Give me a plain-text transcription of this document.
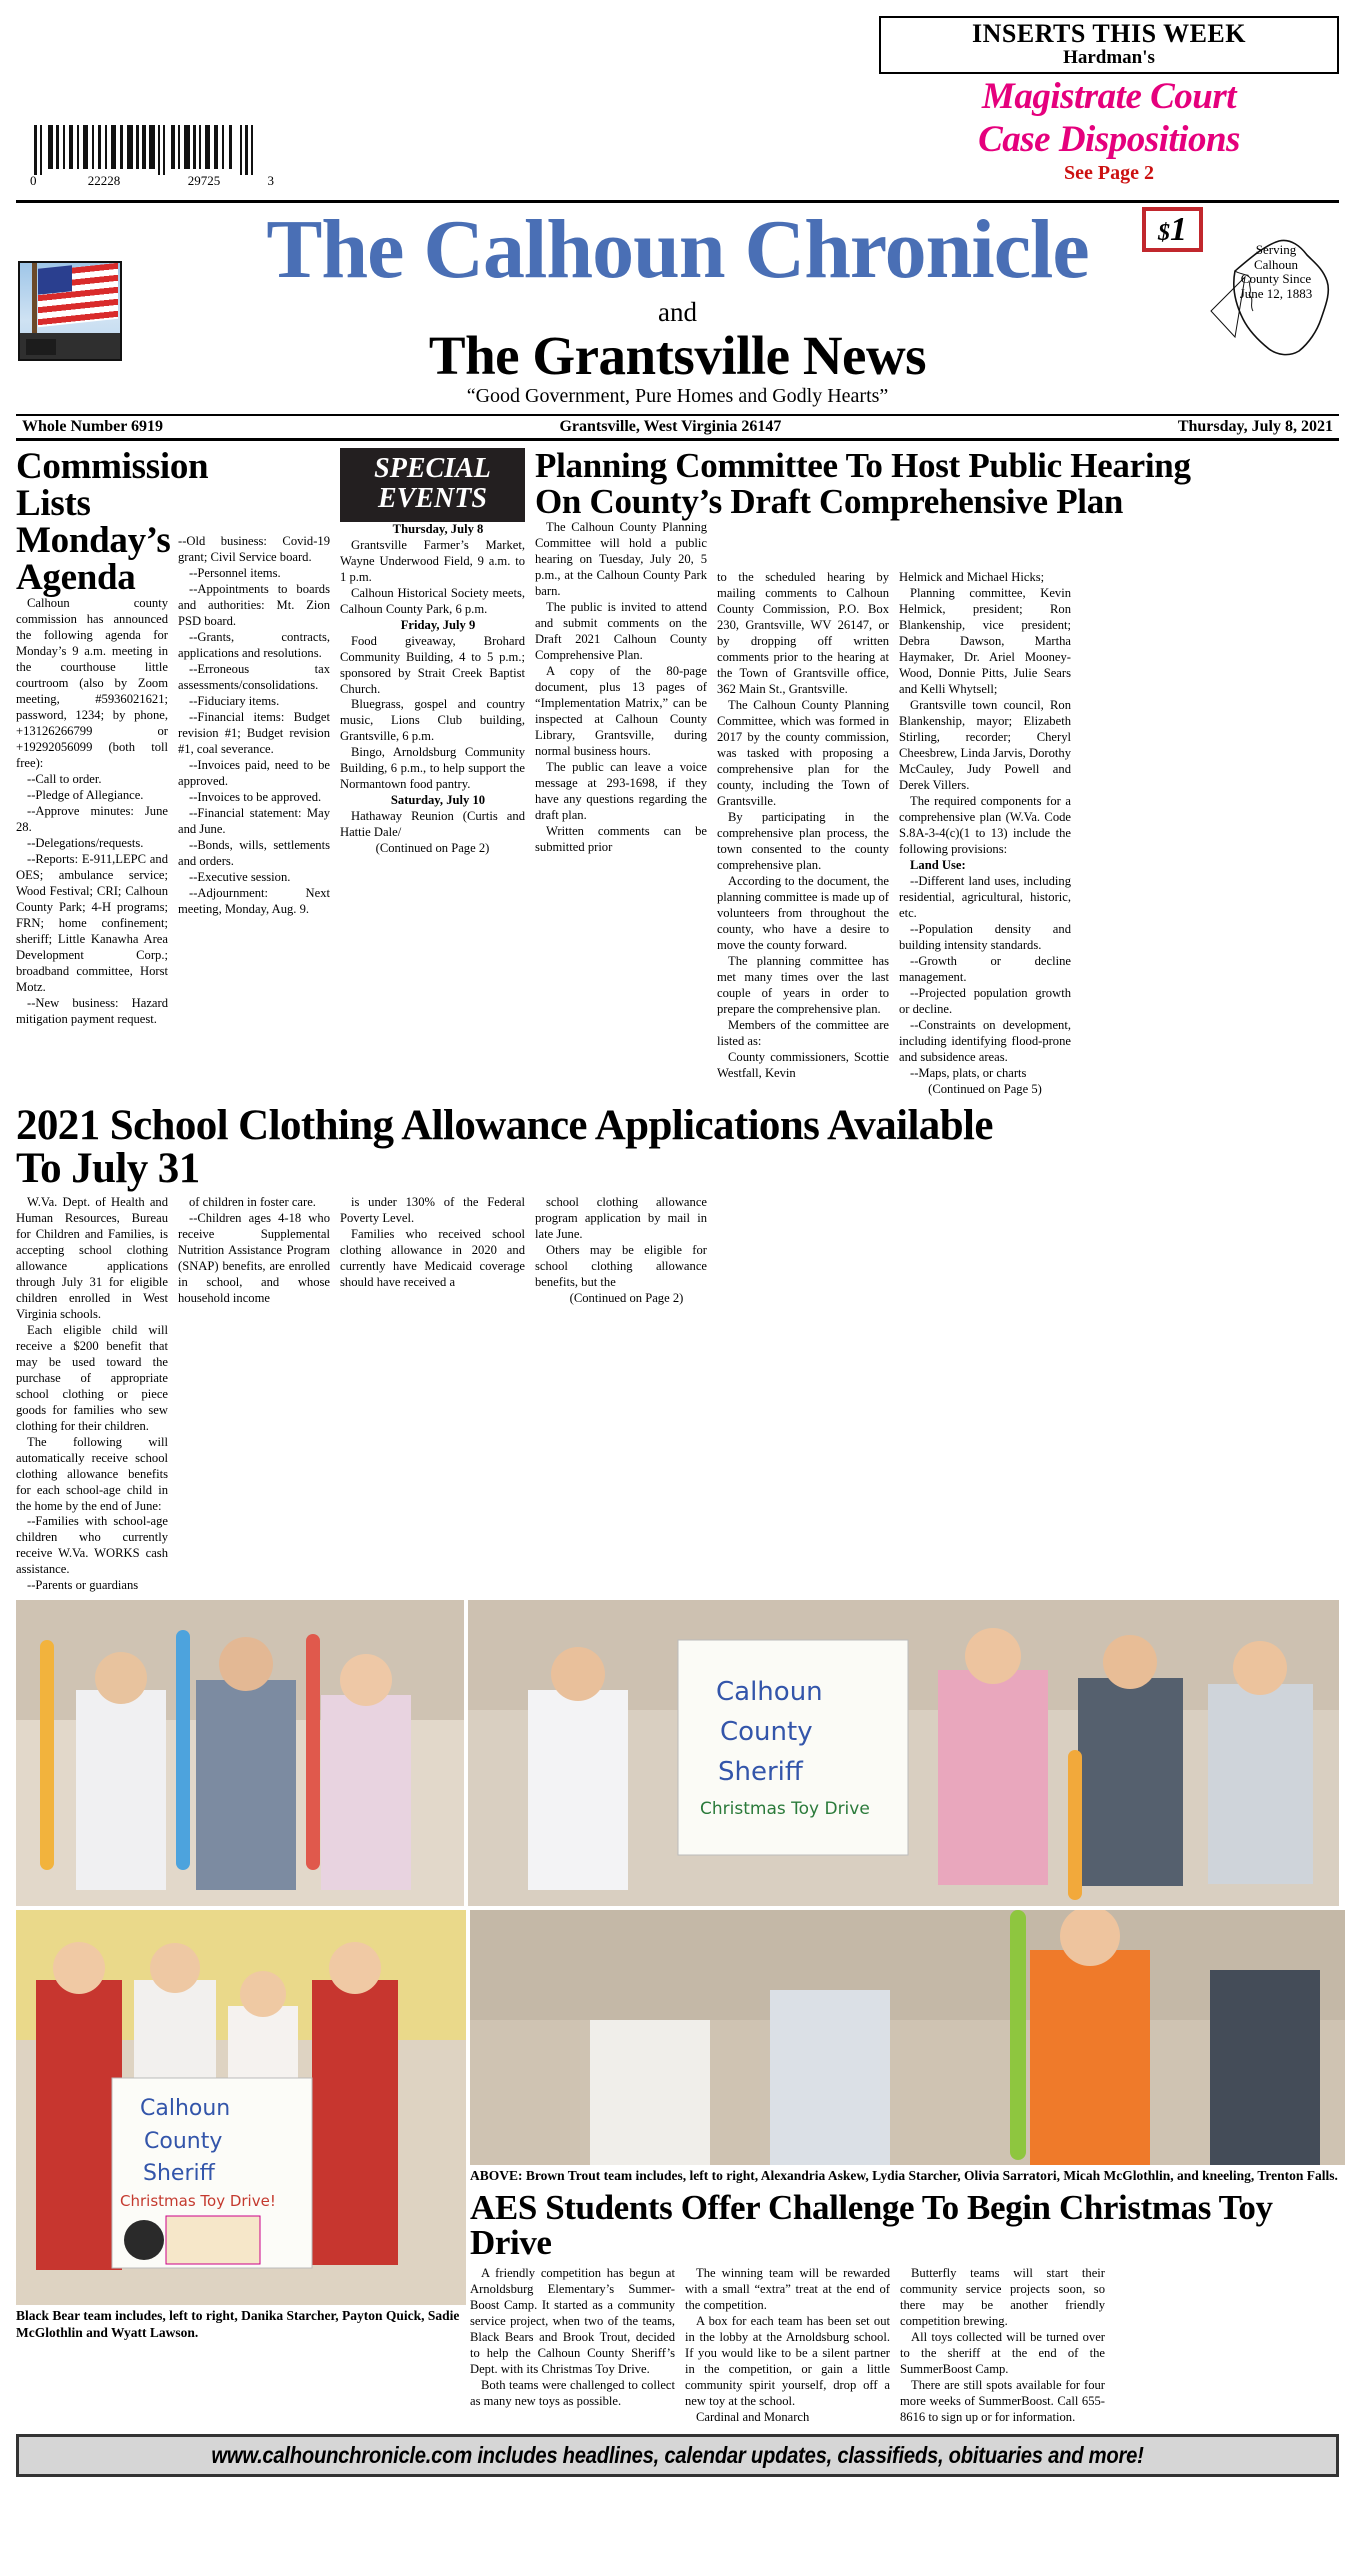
0	22228	29725	3
INSERTS THIS WEEK
Hardman's
Magistrate Court
Case Dispositions
See Page 2
The Calhoun Chronicle	$1
Serving Calhoun County Since June 12, 1883
and
The Grantsville News
“Good Government, Pure Homes and Godly Hearts”
Whole Number 6919	Grantsville, West Virginia 26147	Thursday, July 8, 2021
Commission Lists Monday’s Agenda

Calhoun county commission has announced the following agenda for Monday’s 9 a.m. meeting in the courthouse little courtroom (also by Zoom meeting, #5936021621; password, 1234; by phone, +13126266799 or +19292056099 (both toll free):

--Call to order.

--Pledge of Allegiance.

--Approve minutes: June 28.

--Delegations/requests.

--Reports: E-911,LEPC and OES; ambulance service; Wood Festival; CRI; Calhoun County Park; 4-H programs; FRN; home confinement; sheriff; Little Kanawha Area Development Corp.; broadband committee, Horst Motz.

--New business: Hazard mitigation payment request.

--Old business: Covid-19 grant; Civil Service board.

--Personnel items.

--Appointments to boards and authorities: Mt. Zion PSD board.

--Grants, contracts, applications and resolutions.

--Erroneous tax assessments/consolidations.

--Fiduciary items.

--Financial items: Budget revision #1; Budget revision #1, coal severance.

--Invoices paid, need to be approved.

--Invoices to be approved.

--Financial statement: May and June.

--Bonds, wills, settlements and orders.

--Executive session.

--Adjournment: Next meeting, Monday, Aug. 9.

SPECIAL
EVENTS

Thursday, July 8

Grantsville Farmer’s Market, Wayne Underwood Field, 9 a.m. to 1 p.m.

Calhoun Historical Society meets, Calhoun County Park, 6 p.m.

Friday, July 9

Food giveaway, Brohard Community Building, 4 to 5 p.m.; sponsored by Strait Creek Baptist Church.

Bluegrass, gospel and country music, Lions Club building, Grantsville, 6 p.m.

Bingo, Arnoldsburg Community Building, 6 p.m., to help support the Normantown food pantry.

Saturday, July 10

Hathaway Reunion (Curtis and Hattie Dale/

(Continued on Page 2)

Planning Committee To Host Public Hearing On County’s Draft Comprehensive Plan

The Calhoun County Planning Committee will hold a public hearing on Tuesday, July 20, 5 p.m., at the Calhoun County Park barn.

The public is invited to attend and submit comments on the Draft 2021 Calhoun County Comprehensive Plan.

A copy of the 80-page document, plus 13 pages of “Implementation Matrix,” can be inspected at Calhoun County Library, Grantsville, during normal business hours.

The public can leave a voice message at 293-1698, if they have any questions regarding the draft plan.

Written comments can be submitted prior

to the scheduled hearing by mailing comments to Calhoun County Commission, P.O. Box 230, Grantsville, WV 26147, or by dropping off written comments prior to the hearing at the Town of Grantsville office, 362 Main St., Grantsville.

The Calhoun County Planning Committee, which was formed in 2017 by the county commission, was tasked with proposing a comprehensive plan for the county, including the Town of Grantsville.

By participating in the comprehensive plan process, the town consented to the county comprehensive plan.

According to the document, the planning committee is made up of volunteers from throughout the county, who have a desire to move the county forward.

The planning committee has met many times over the last couple of years in order to prepare the comprehensive plan.

Members of the committee are listed as:

County commissioners, Scottie Westfall, Kevin

Helmick and Michael Hicks;

Planning committee, Kevin Helmick, president; Ron Blankenship, vice president; Debra Dawson, Martha Haymaker, Dr. Ariel Mooney-Wood, Donnie Pitts, Julie Sears and Kelli Whytsell;

Grantsville town council, Ron Blankenship, mayor; Elizabeth Stirling, recorder; Cheryl Cheesbrew, Linda Jarvis, Dorothy McCauley, Judy Powell and Derek Villers.

The required components for a comprehensive plan (W.Va. Code S.8A-3-4(c)(1 to 13) include the following provisions:

Land Use:

--Different land uses, including residential, agricultural, historic, etc.

--Population density and building intensity standards.

--Growth or decline management.

--Projected population growth or decline.

--Constraints on development, including identifying flood-prone and subsidence areas.

--Maps, plats, or charts

(Continued on Page 5)

2021 School Clothing Allowance Applications Available To July 31

W.Va. Dept. of Health and Human Resources, Bureau for Children and Families, is accepting school clothing allowance applications through July 31 for eligible children enrolled in West Virginia schools.

Each eligible child will receive a $200 benefit that may be used toward the purchase of appropriate school clothing or piece goods for families who sew clothing for their children.

The following will automatically receive school clothing allowance benefits for each school-age child in the home by the end of June:

--Families with school-age children who currently receive W.Va. WORKS cash assistance.

--Parents or guardians

of children in foster care.

--Children ages 4-18 who receive Supplemental Nutrition Assistance Program (SNAP) benefits, are enrolled in school, and whose household income

is under 130% of the Federal Poverty Level.

Families who received school clothing allowance in 2020 and currently have Medicaid coverage should have received a

school clothing allowance program application by mail in late June.

Others may be eligible for school clothing allowance benefits, but the

(Continued on Page 2)

Calhoun
County
Sheriff
Christmas Toy Drive
Calhoun
County
Sheriff
Christmas Toy Drive!
Black Bear team includes, left to right, Danika Starcher, Payton Quick, Sadie McGlothlin and Wyatt Lawson.
ABOVE: Brown Trout team includes, left to right, Alexandria Askew, Lydia Starcher, Olivia Sarratori, Micah McGlothlin, and kneeling, Trenton Falls.
AES Students Offer Challenge To Begin Christmas Toy Drive

A friendly competition has begun at Arnoldsburg Elementary’s Summer-Boost Camp. It started as a community service project, when two of the teams, Black Bears and Brook Trout, decided to help the Calhoun County Sheriff’s Dept. with its Christmas Toy Drive.

Both teams were challenged to collect as many new toys as possible.

The winning team will be rewarded with a small “extra” treat at the end of the competition.

A box for each team has been set out in the lobby at the Arnoldsburg school. If you would like to be a silent partner in the competition, or gain a little community spirit yourself, drop off a new toy at the school.

Cardinal and Monarch

Butterfly teams will start their community service projects soon, so there may be another friendly competition brewing.

All toys collected will be turned over to the sheriff at the end of the SummerBoost Camp.

There are still spots available for four more weeks of SummerBoost. Call 655-8616 to sign up or for information.

www.calhounchronicle.com includes headlines, calendar updates, classifieds, obituaries and more!
